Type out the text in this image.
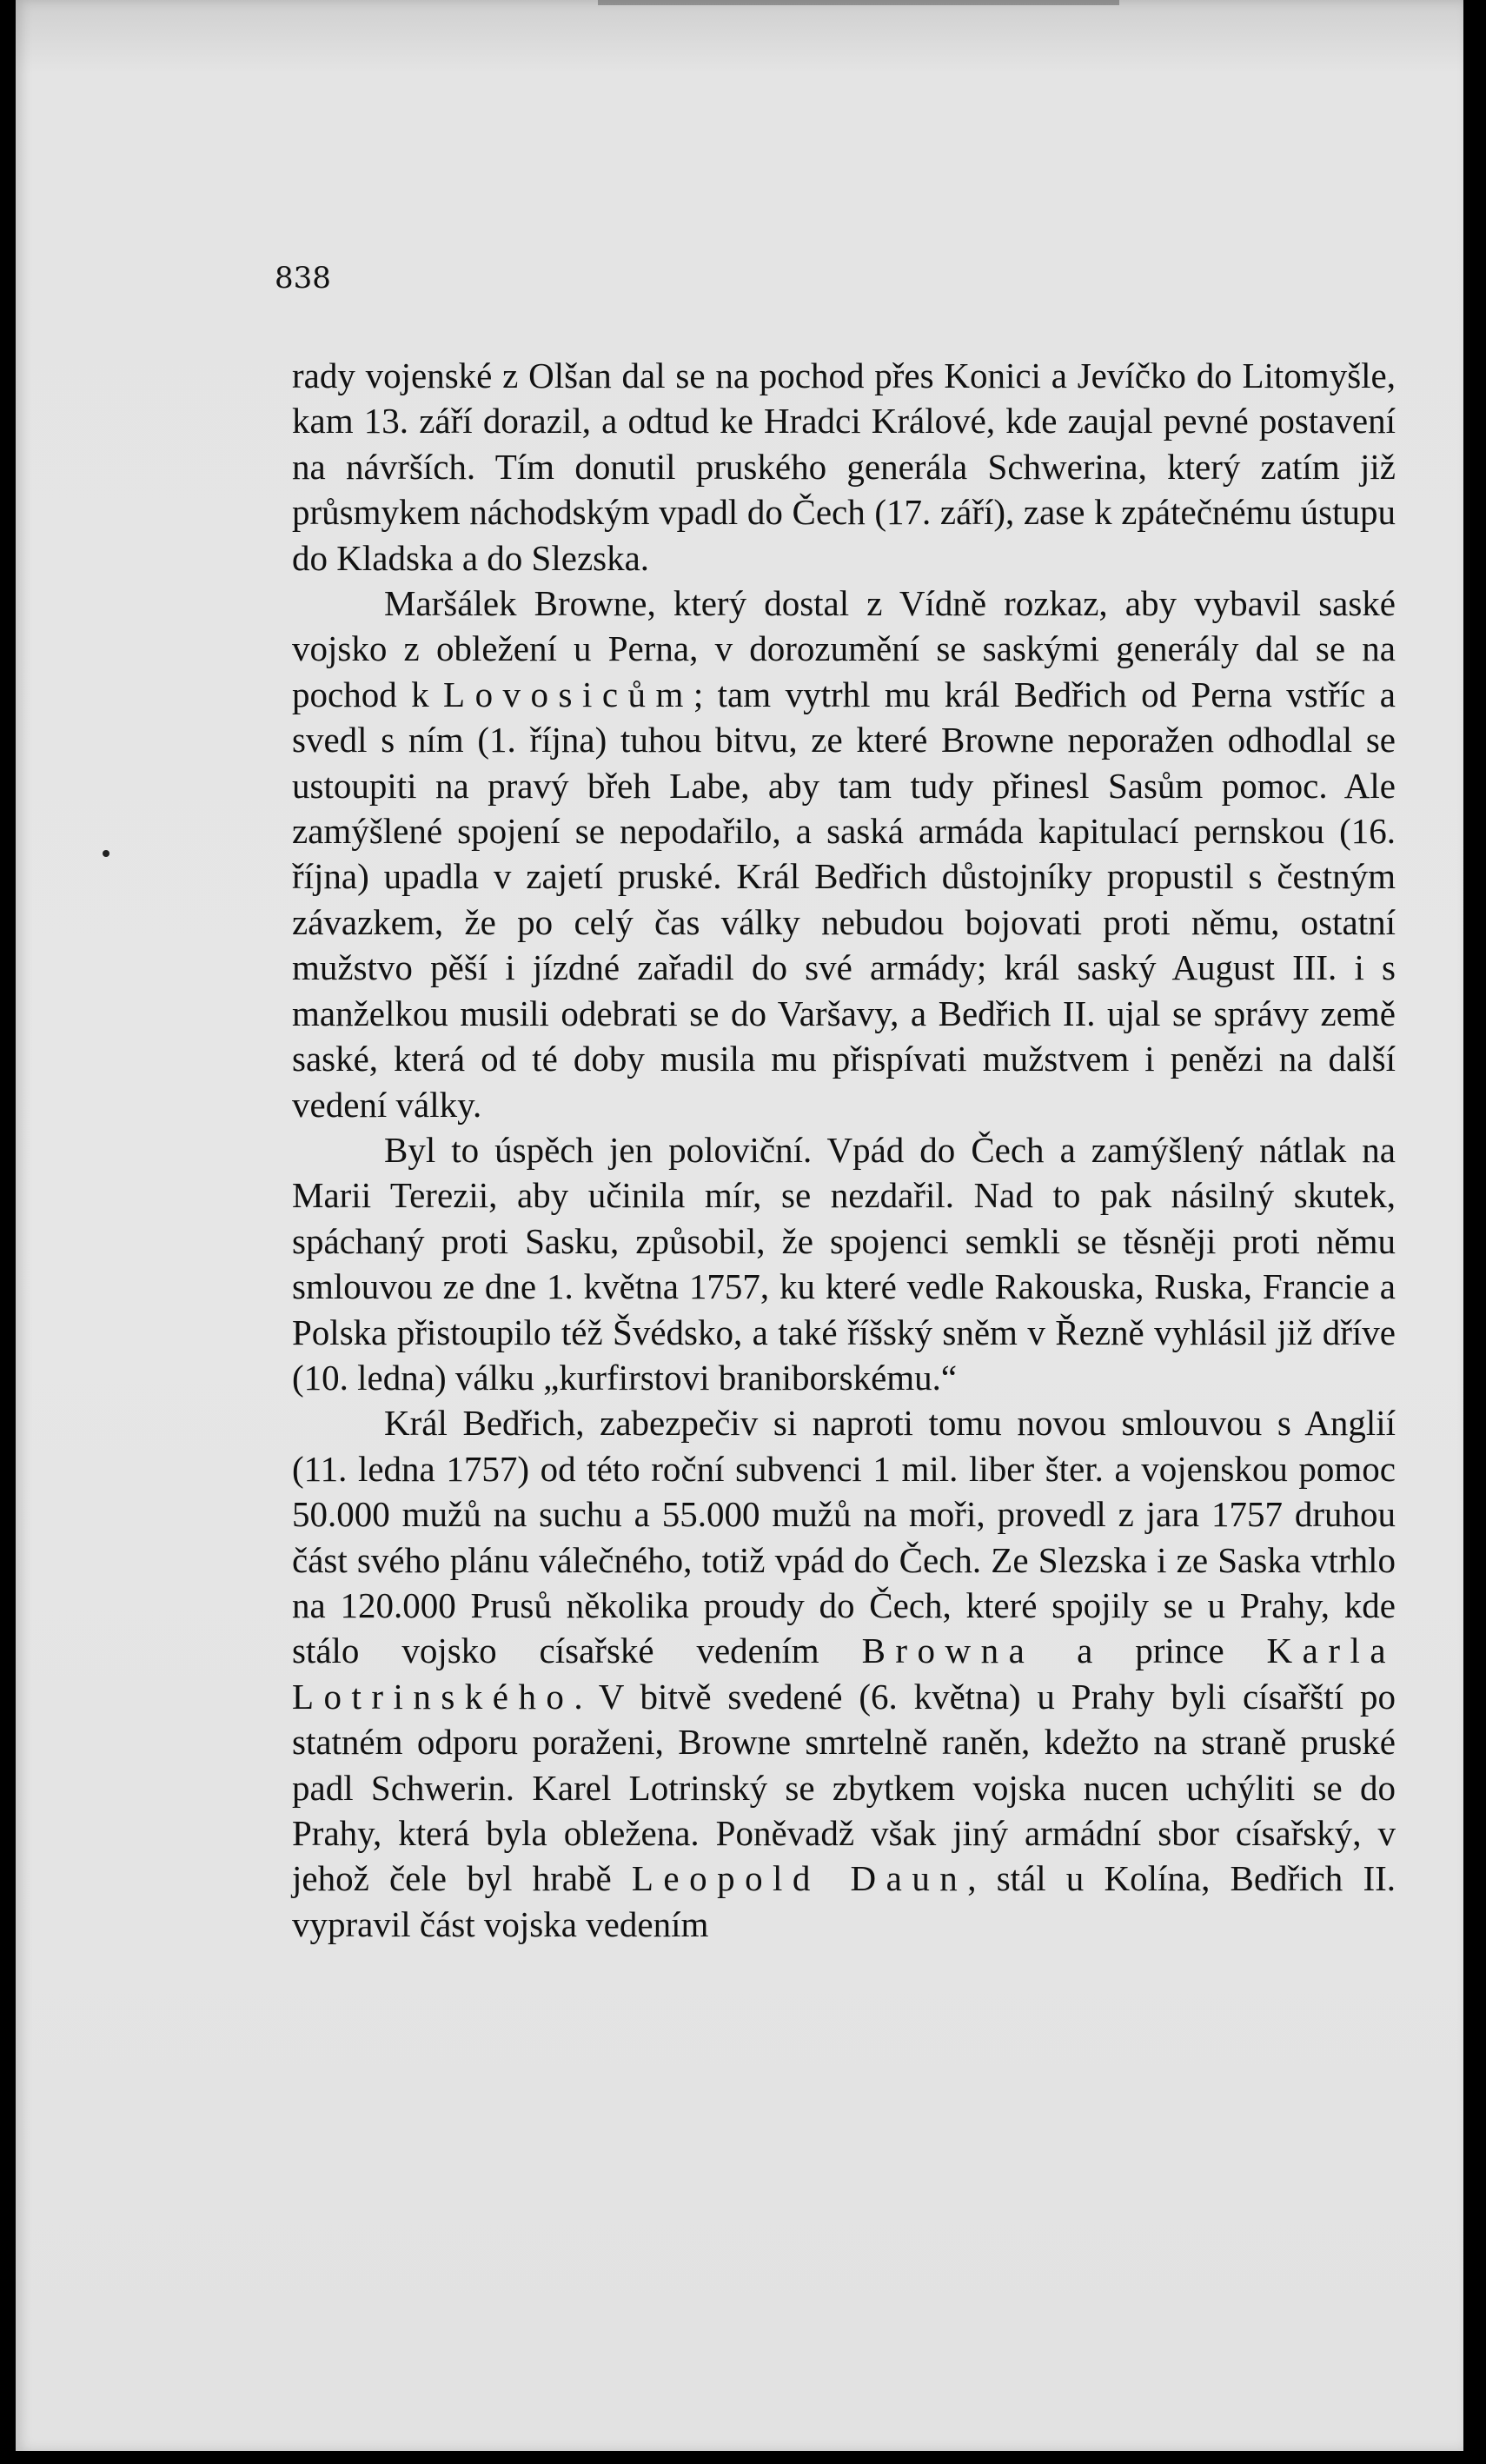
838

rady vojenské z Olšan dal se na pochod přes Konici a Jevíčko do Litomyšle, kam 13. září dorazil, a odtud ke Hradci Králové, kde zaujal pevné postavení na návrších. Tím donutil pruského generála Schwerina, který zatím již průsmykem náchodským vpadl do Čech (17. září), zase k zpátečnému ústupu do Kladska a do Slezska.

Maršálek Browne, který dostal z Vídně rozkaz, aby vybavil saské vojsko z obležení u Perna, v dorozumění se saskými generály dal se na pochod k Lovosicům; tam vytrhl mu král Bedřich od Perna vstříc a svedl s ním (1. října) tuhou bitvu, ze které Browne neporažen odhodlal se ustoupiti na pravý břeh Labe, aby tam tudy přinesl Sasům pomoc. Ale zamýšlené spojení se nepodařilo, a saská armáda kapitulací pernskou (16. října) upadla v zajetí pruské. Král Bedřich důstojníky propustil s čestným závazkem, že po celý čas války nebudou bojovati proti němu, ostatní mužstvo pěší i jízdné zařadil do své armády; král saský August III. i s manželkou musili odebrati se do Varšavy, a Bedřich II. ujal se správy země saské, která od té doby musila mu přispívati mužstvem i penězi na další vedení války.

Byl to úspěch jen poloviční. Vpád do Čech a zamýšlený nátlak na Marii Terezii, aby učinila mír, se nezdařil. Nad to pak násilný skutek, spáchaný proti Sasku, způsobil, že spojenci semkli se těsněji proti němu smlouvou ze dne 1. května 1757, ku které vedle Rakouska, Ruska, Francie a Polska přistoupilo též Švédsko, a také říšský sněm v Řezně vyhlásil již dříve (10. ledna) válku „kurfirstovi braniborskému.“

Král Bedřich, zabezpečiv si naproti tomu novou smlouvou s Anglií (11. ledna 1757) od této roční subvenci 1 mil. liber šter. a vojenskou pomoc 50.000 mužů na suchu a 55.000 mužů na moři, provedl z jara 1757 druhou část svého plánu válečného, totiž vpád do Čech. Ze Slezska i ze Saska vtrhlo na 120.000 Prusů několika proudy do Čech, které spojily se u Prahy, kde stálo vojsko císařské vedením Browna a prince Karla Lotrinského. V bitvě svedené (6. května) u Prahy byli císařští po statném odporu poraženi, Browne smrtelně raněn, kdežto na straně pruské padl Schwerin. Karel Lotrinský se zbytkem vojska nucen uchýliti se do Prahy, která byla obležena. Poněvadž však jiný armádní sbor císařský, v jehož čele byl hrabě Leopold Daun, stál u Kolína, Bedřich II. vypravil část vojska vedením
